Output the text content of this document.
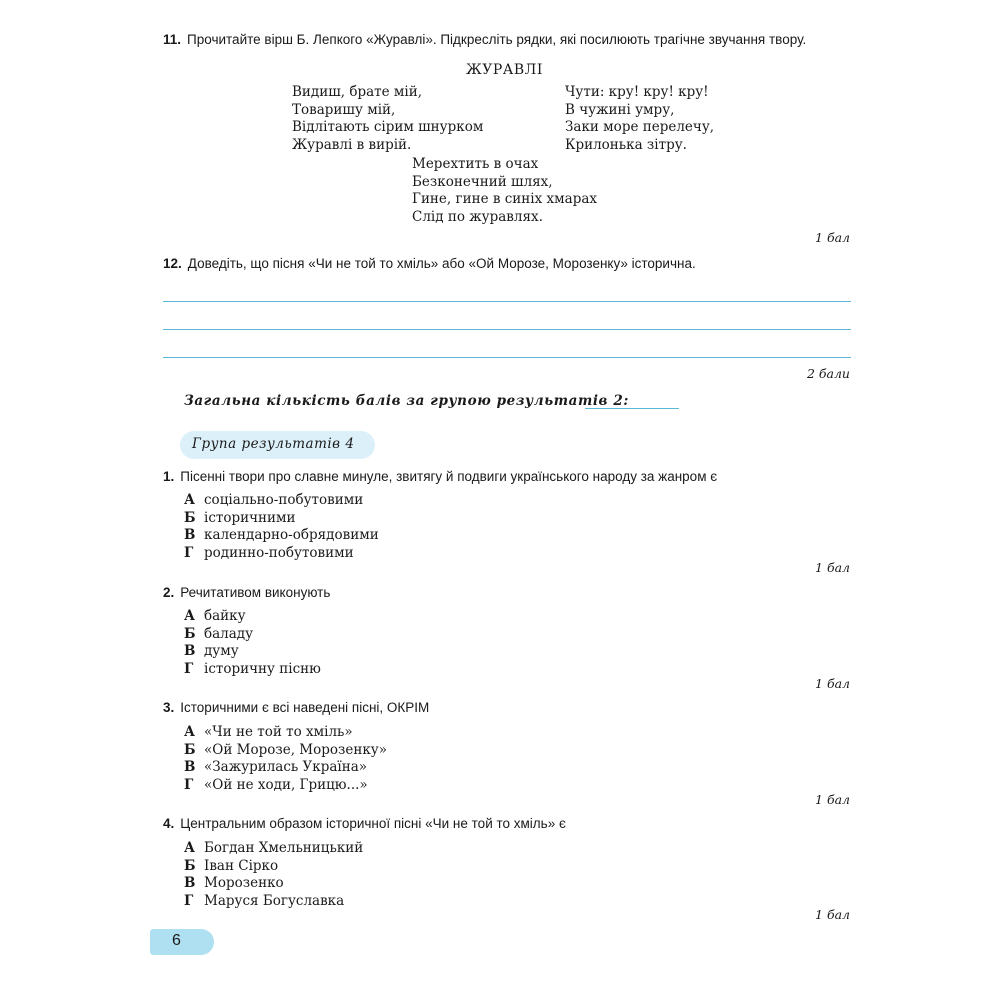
11. Прочитайте вірш Б. Лепкого «Журавлі». Підкресліть рядки, які посилюють трагічне звучання твору.
ЖУРАВЛІ
Видиш, брате мій,
Товаришу мій,
Відлітають сірим шнурком
Журавлі в вирій.
Чути: кру! кру! кру!
В чужині умру,
Заки море перелечу,
Крилонька зітру.
Мерехтить в очах
Безконечний шлях,
Гине, гине в синіх хмарах
Слід по журавлях.
1 бал
12. Доведіть, що пісня «Чи не той то хміль» або «Ой Морозе, Морозенку» історична.
2 бали
Загальна кількість балів за групою результатів 2:
Група результатів 4
1. Пісенні твори про славне минуле, звитягу й подвиги українського народу за жанром є
А соціально-побутовими
Б історичними
В календарно-обрядовими
Г родинно-побутовими
1 бал
2. Речитативом виконують
А байку
Б баладу
В думу
Г історичну пісню
1 бал
3. Історичними є всі наведені пісні, ОКРІМ
А «Чи не той то хміль»
Б «Ой Морозе, Морозенку»
В «Зажурилась Україна»
Г «Ой не ходи, Грицю...»
1 бал
4. Центральним образом історичної пісні «Чи не той то хміль» є
А Богдан Хмельницький
Б Іван Сірко
В Морозенко
Г Маруся Богуславка
1 бал
6
